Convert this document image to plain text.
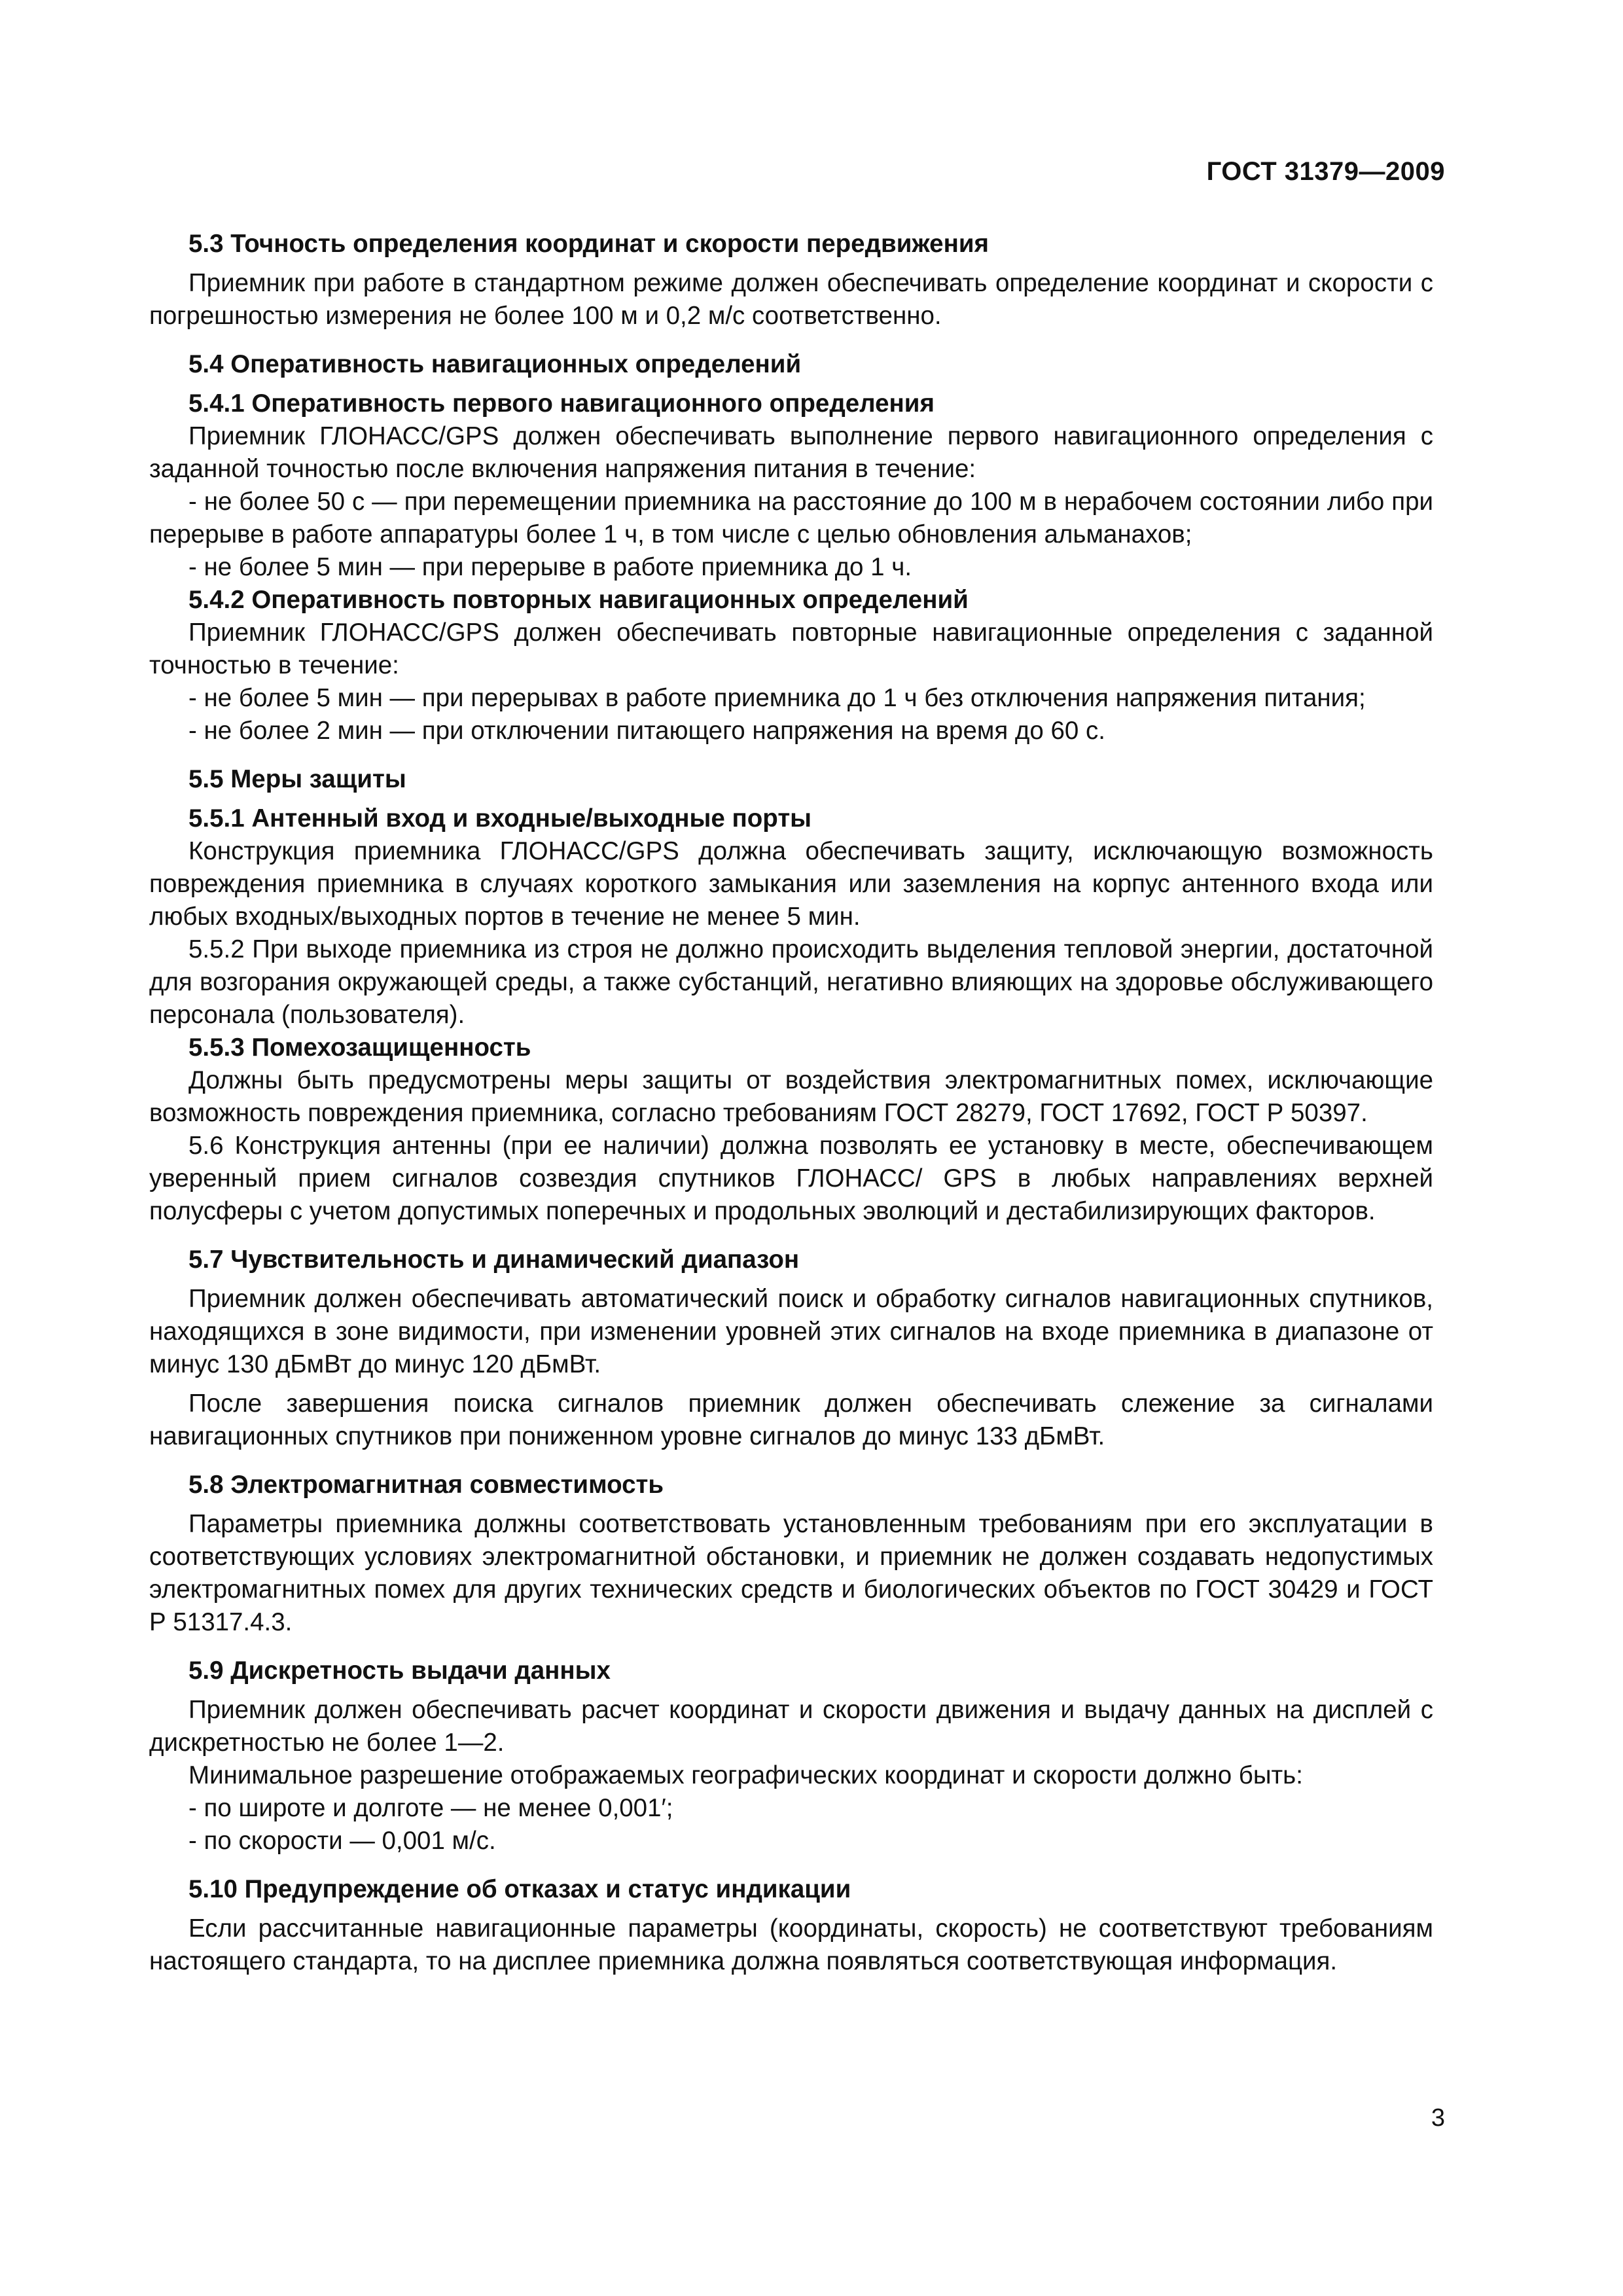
ГОСТ 31379—2009

5.3 Точность определения координат и скорости передвижения

Приемник при работе в стандартном режиме должен обеспечивать определение координат и скорости с погрешностью измерения не более 100 м и 0,2 м/с соответственно.

5.4 Оперативность навигационных определений

5.4.1 Оперативность первого навигационного определения

Приемник ГЛОНАСС/GPS должен обеспечивать выполнение первого навигационного определения с заданной точностью после включения напряжения питания в течение:

- не более 50 с — при перемещении приемника на расстояние до 100 м в нерабочем состоянии либо при перерыве в работе аппаратуры более 1 ч, в том числе с целью обновления альманахов;

- не более 5 мин — при перерыве в работе приемника до 1 ч.

5.4.2 Оперативность повторных навигационных определений

Приемник ГЛОНАСС/GPS должен обеспечивать повторные навигационные определения с заданной точностью в течение:

- не более 5 мин — при перерывах в работе приемника до 1 ч без отключения напряжения питания;

- не более 2 мин — при отключении питающего напряжения на время до 60 с.

5.5 Меры защиты

5.5.1 Антенный вход и входные/выходные порты

Конструкция приемника ГЛОНАСС/GPS должна обеспечивать защиту, исключающую возможность повреждения приемника в случаях короткого замыкания или заземления на корпус антенного входа или любых входных/выходных портов в течение не менее 5 мин.

5.5.2 При выходе приемника из строя не должно происходить выделения тепловой энергии, достаточной для возгорания окружающей среды, а также субстанций, негативно влияющих на здоровье обслуживающего персонала (пользователя).

5.5.3 Помехозащищенность

Должны быть предусмотрены меры защиты от воздействия электромагнитных помех, исключающие возможность повреждения приемника, согласно требованиям ГОСТ 28279, ГОСТ 17692, ГОСТ Р 50397.

5.6 Конструкция антенны (при ее наличии) должна позволять ее установку в месте, обеспечивающем уверенный прием сигналов созвездия спутников ГЛОНАСС/ GPS в любых направлениях верхней полусферы с учетом допустимых поперечных и продольных эволюций и дестабилизирующих факторов.

5.7 Чувствительность и динамический диапазон

Приемник должен обеспечивать автоматический поиск и обработку сигналов навигационных спутников, находящихся в зоне видимости, при изменении уровней этих сигналов на входе приемника в диапазоне от минус 130 дБмВт до минус 120 дБмВт.

После завершения поиска сигналов приемник должен обеспечивать слежение за сигналами навигационных спутников при пониженном уровне сигналов до минус 133 дБмВт.

5.8 Электромагнитная совместимость

Параметры приемника должны соответствовать установленным требованиям при его эксплуатации в соответствующих условиях электромагнитной обстановки, и приемник не должен создавать недопустимых электромагнитных помех для других технических средств и биологических объектов по ГОСТ 30429 и ГОСТ Р 51317.4.3.

5.9 Дискретность выдачи данных

Приемник должен обеспечивать расчет координат и скорости движения и выдачу данных на дисплей с дискретностью не более 1—2.

Минимальное разрешение отображаемых географических координат и скорости должно быть:

- по широте и долготе — не менее 0,001′;

- по скорости — 0,001 м/с.

5.10 Предупреждение об отказах и статус индикации

Если рассчитанные навигационные параметры (координаты, скорость) не соответствуют требованиям настоящего стандарта, то на дисплее приемника должна появляться соответствующая информация.

3
